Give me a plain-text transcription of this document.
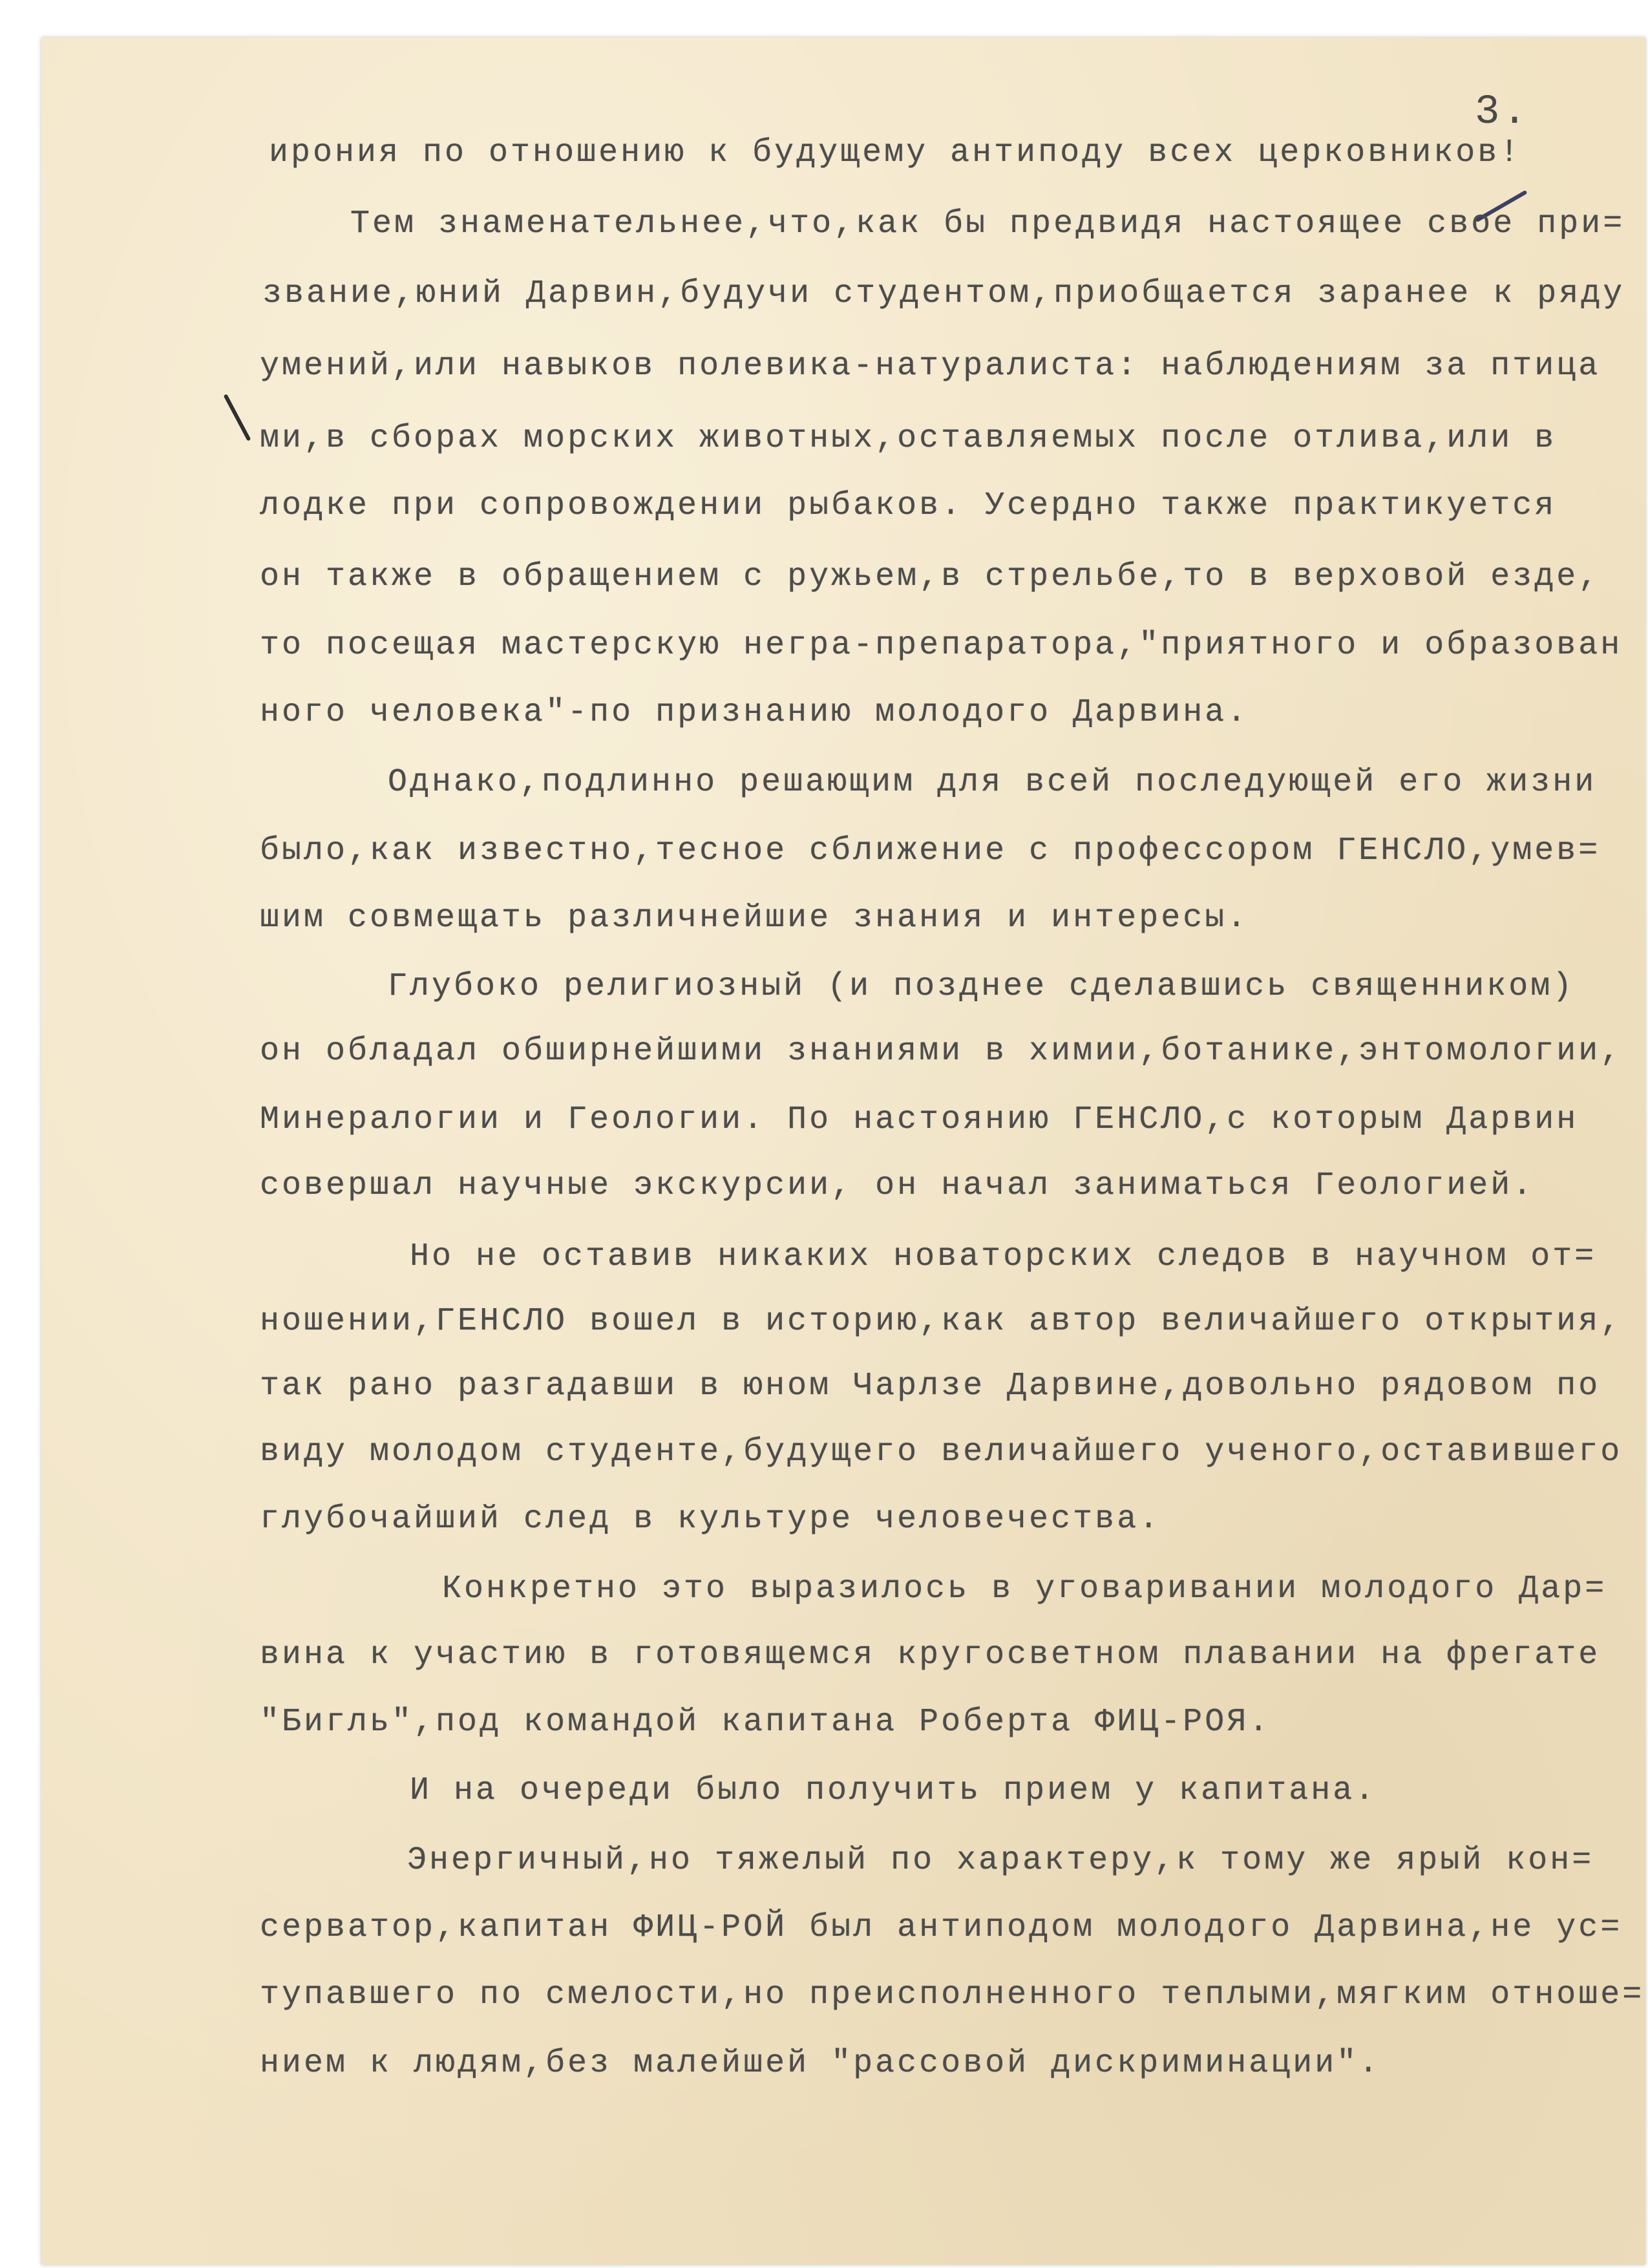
3.
ирония по отношению к будущему антиподу всех церковников!
Тем знаменательнее,что,как бы предвидя настоящее свое при=
звание,юний Дарвин,будучи студентом,приобщается заранее к ряду
умений,или навыков полевика-натуралиста: наблюдениям за птица
ми,в сборах морских животных,оставляемых после отлива,или в
лодке при сопровождении рыбаков. Усердно также практикуется
он также в обращением с ружьем,в стрельбе,то в верховой езде,
то посещая мастерскую негра-препаратора,"приятного и образован
ного человека"-по признанию молодого Дарвина.
Однако,подлинно решающим для всей последующей его жизни
было,как известно,тесное сближение с профессором ГЕНСЛО,умев=
шим совмещать различнейшие знания и интересы.
Глубоко религиозный (и позднее сделавшись священником)
он обладал обширнейшими знаниями в химии,ботанике,энтомологии,
Минералогии и Геологии. По настоянию ГЕНСЛО,с которым Дарвин
совершал научные экскурсии, он начал заниматься Геологией.
Но не оставив никаких новаторских следов в научном от=
ношении,ГЕНСЛО вошел в историю,как автор величайшего открытия,
так рано разгадавши в юном Чарлзе Дарвине,довольно рядовом по
виду молодом студенте,будущего величайшего ученого,оставившего
глубочайший след в культуре человечества.
Конкретно это выразилось в уговаривании молодого Дар=
вина к участию в готовящемся кругосветном плавании на фрегате
"Бигль",под командой капитана Роберта ФИЦ-РОЯ.
И на очереди было получить прием у капитана.
Энергичный,но тяжелый по характеру,к тому же ярый кон=
серватор,капитан ФИЦ-РОЙ был антиподом молодого Дарвина,не ус=
тупавшего по смелости,но преисполненного теплыми,мягким отноше=
нием к людям,без малейшей "рассовой дискриминации".
